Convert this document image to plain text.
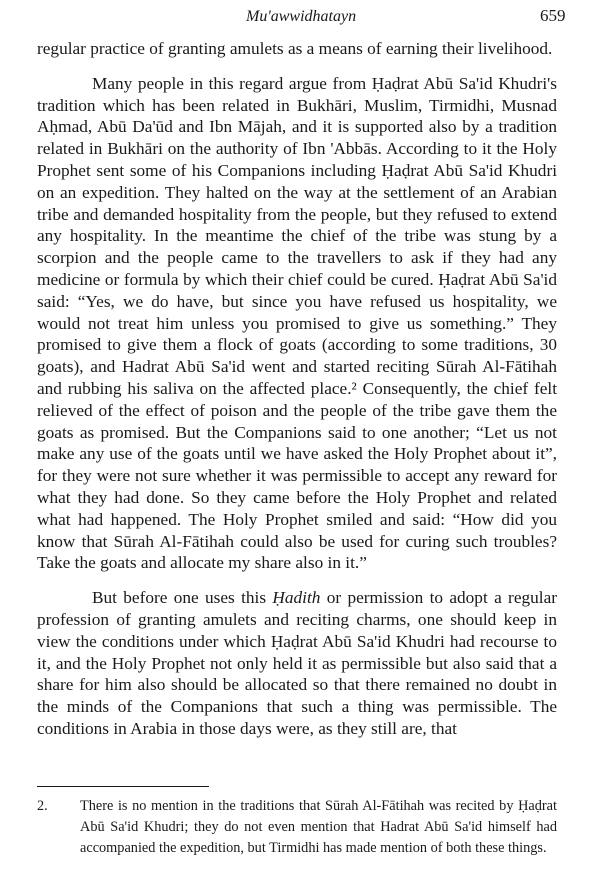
Mu'awwidhatayn	659

regular practice of granting amulets as a means of earning their livelihood.

Many people in this regard argue from Ḥaḍrat Abū Sa'id Khudri's tradition which has been related in Bukhāri, Muslim, Tirmidhi, Musnad Aḥmad, Abū Da'ūd and Ibn Mājah, and it is supported also by a tradition related in Bukhāri on the authority of Ibn 'Abbās. According to it the Holy Prophet sent some of his Companions including Ḥaḍrat Abū Sa'id Khudri on an expedition. They halted on the way at the settlement of an Arabian tribe and demanded hospitality from the people, but they refused to extend any hospitality. In the meantime the chief of the tribe was stung by a scorpion and the people came to the travellers to ask if they had any medicine or formula by which their chief could be cured. Ḥaḍrat Abū Sa'id said: “Yes, we do have, but since you have refused us hospitality, we would not treat him unless you promised to give us something.” They promised to give them a flock of goats (according to some traditions, 30 goats), and Hadrat Abū Sa'id went and started reciting Sūrah Al-Fātihah and rubbing his saliva on the affected place.² Consequently, the chief felt relieved of the effect of poison and the people of the tribe gave them the goats as promised. But the Companions said to one another; “Let us not make any use of the goats until we have asked the Holy Prophet about it”, for they were not sure whether it was permissible to accept any reward for what they had done. So they came before the Holy Prophet and related what had happened. The Holy Prophet smiled and said: “How did you know that Sūrah Al-Fātihah could also be used for curing such troubles? Take the goats and allocate my share also in it.”

But before one uses this Ḥadith or permission to adopt a regular profession of granting amulets and reciting charms, one should keep in view the conditions under which Ḥaḍrat Abū Sa'id Khudri had recourse to it, and the Holy Prophet not only held it as permissible but also said that a share for him also should be allocated so that there remained no doubt in the minds of the Companions that such a thing was permissible. The conditions in Arabia in those days were, as they still are, that

2. There is no mention in the traditions that Sūrah Al-Fātihah was recited by Ḥaḍrat Abū Sa'id Khudri; they do not even mention that Hadrat Abū Sa'id himself had accompanied the expedition, but Tirmidhi has made mention of both these things.
